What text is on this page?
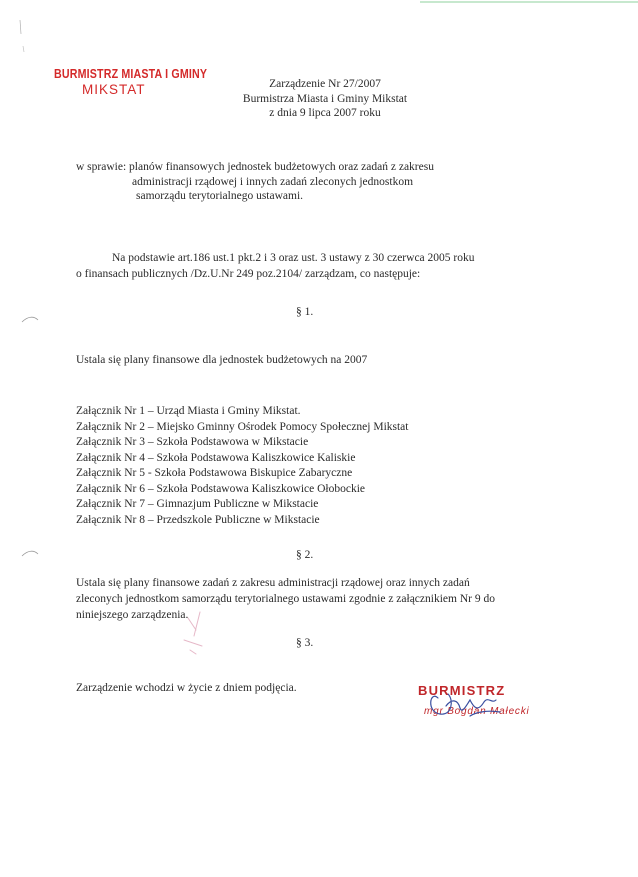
BURMISTRZ MIASTA I GMINY
MIKSTAT	Zarządzenie Nr 27/2007
Burmistrza Miasta i Gminy Mikstat
z dnia 9 lipca 2007 roku
w sprawie: planów finansowych jednostek budżetowych oraz zadań z zakresu
administracji rządowej i innych zadań zleconych jednostkom
samorządu terytorialnego ustawami.
Na podstawie art.186 ust.1 pkt.2 i 3 oraz ust. 3 ustawy z 30 czerwca 2005 roku
o finansach publicznych /Dz.U.Nr 249 poz.2104/ zarządzam, co następuje:
§ 1.
Ustala się plany finansowe dla jednostek budżetowych na 2007
Załącznik Nr 1 – Urząd Miasta i Gminy Mikstat.
Załącznik Nr 2 – Miejsko Gminny Ośrodek Pomocy Społecznej Mikstat
Załącznik Nr 3 – Szkoła Podstawowa w Mikstacie
Załącznik Nr 4 – Szkoła Podstawowa Kaliszkowice Kaliskie
Załącznik Nr 5 - Szkoła Podstawowa Biskupice Zabaryczne
Załącznik Nr 6 – Szkoła Podstawowa Kaliszkowice Ołobockie
Załącznik Nr 7 – Gimnazjum Publiczne w Mikstacie
Załącznik Nr 8 – Przedszkole Publiczne w Mikstacie
§ 2.
Ustala się plany finansowe zadań z zakresu administracji rządowej oraz innych zadań
zleconych jednostkom samorządu terytorialnego ustawami zgodnie z załącznikiem Nr 9 do
niniejszego zarządzenia.
§ 3.
Zarządzenie wchodzi w życie z dniem podjęcia.	BURMISTRZ
mgr Bogdan Małecki
